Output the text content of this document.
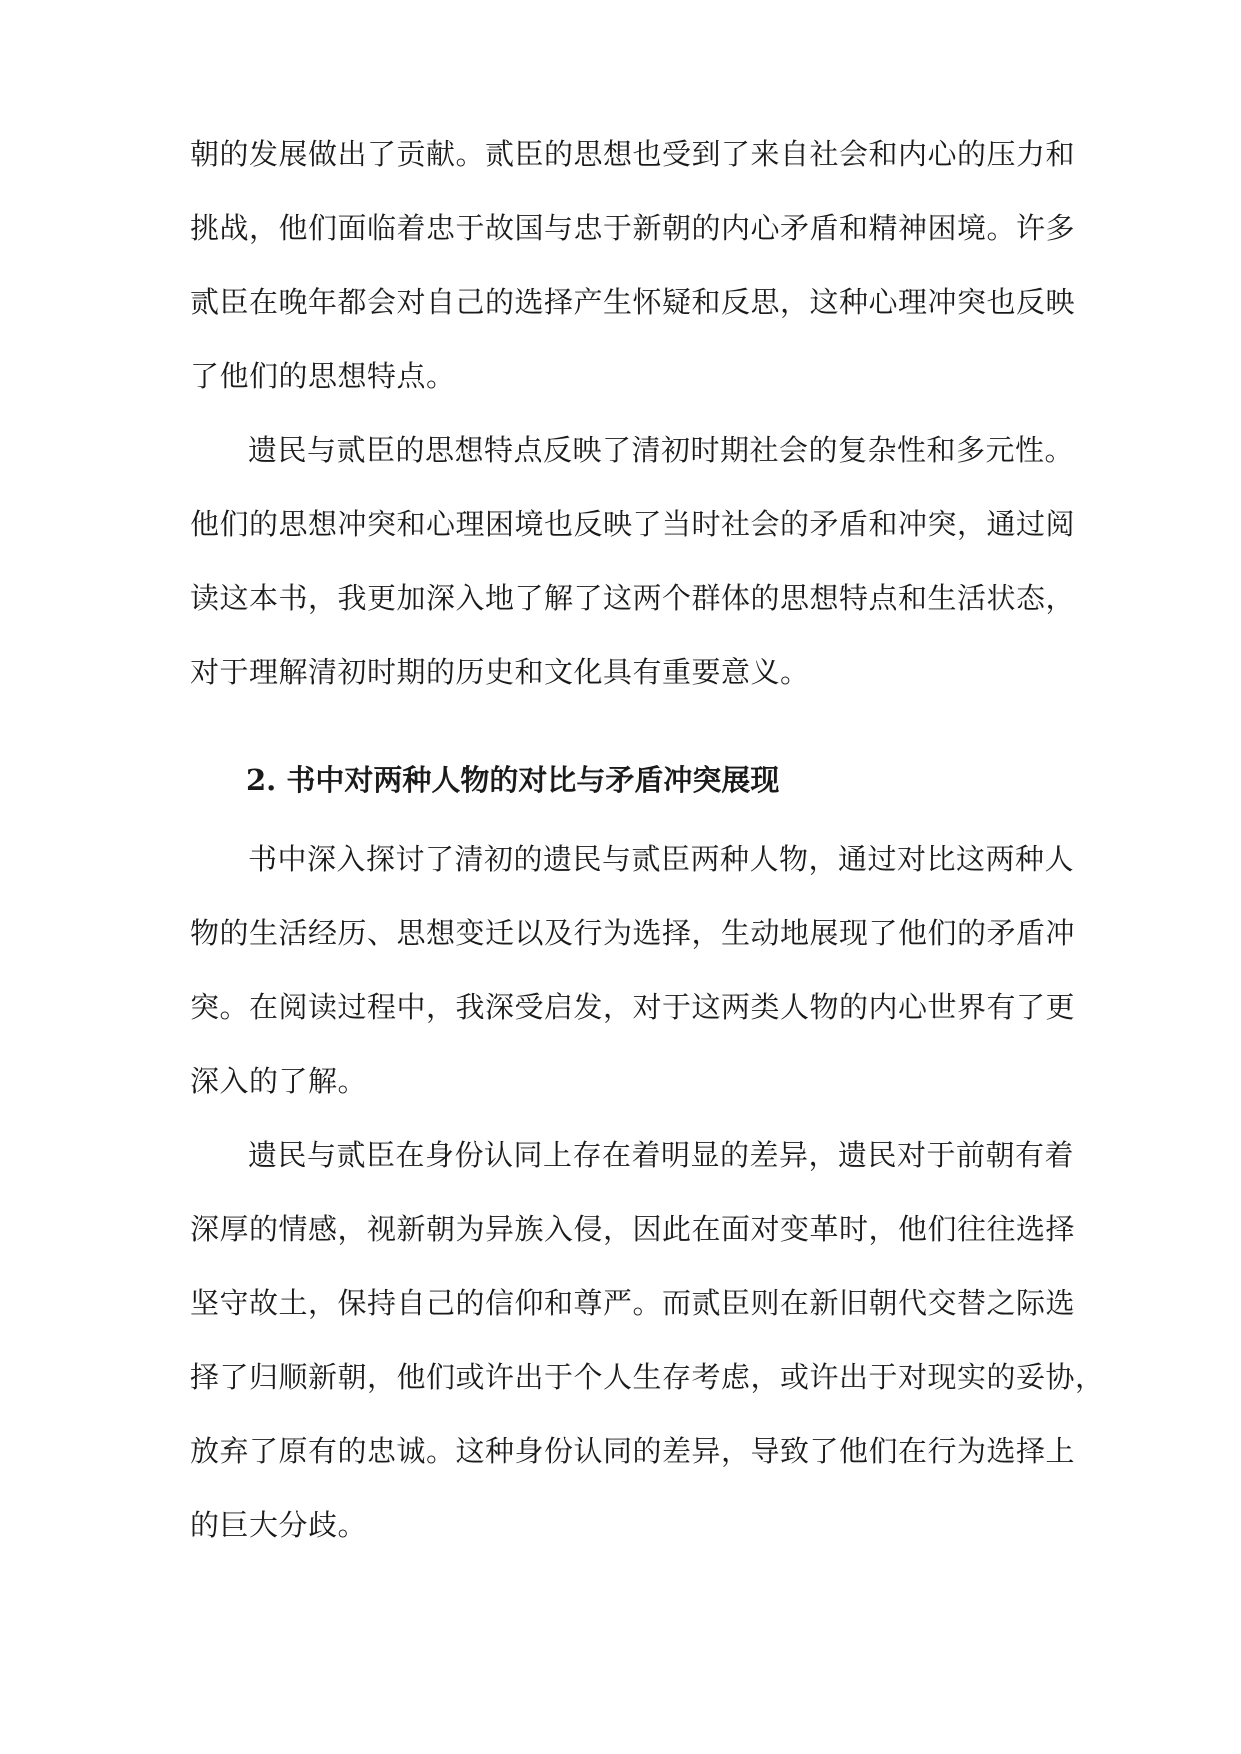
朝的发展做出了贡献。贰臣的思想也受到了来自社会和内心的压力和
挑战，他们面临着忠于故国与忠于新朝的内心矛盾和精神困境。许多
贰臣在晚年都会对自己的选择产生怀疑和反思，这种心理冲突也反映
了他们的思想特点。
遗民与贰臣的思想特点反映了清初时期社会的复杂性和多元性。
他们的思想冲突和心理困境也反映了当时社会的矛盾和冲突，通过阅
读这本书，我更加深入地了解了这两个群体的思想特点和生活状态，
对于理解清初时期的历史和文化具有重要意义。
2. 书中对两种人物的对比与矛盾冲突展现
书中深入探讨了清初的遗民与贰臣两种人物，通过对比这两种人
物的生活经历、思想变迁以及行为选择，生动地展现了他们的矛盾冲
突。在阅读过程中，我深受启发，对于这两类人物的内心世界有了更
深入的了解。
遗民与贰臣在身份认同上存在着明显的差异，遗民对于前朝有着
深厚的情感，视新朝为异族入侵，因此在面对变革时，他们往往选择
坚守故土，保持自己的信仰和尊严。而贰臣则在新旧朝代交替之际选
择了归顺新朝，他们或许出于个人生存考虑，或许出于对现实的妥协，
放弃了原有的忠诚。这种身份认同的差异，导致了他们在行为选择上
的巨大分歧。
